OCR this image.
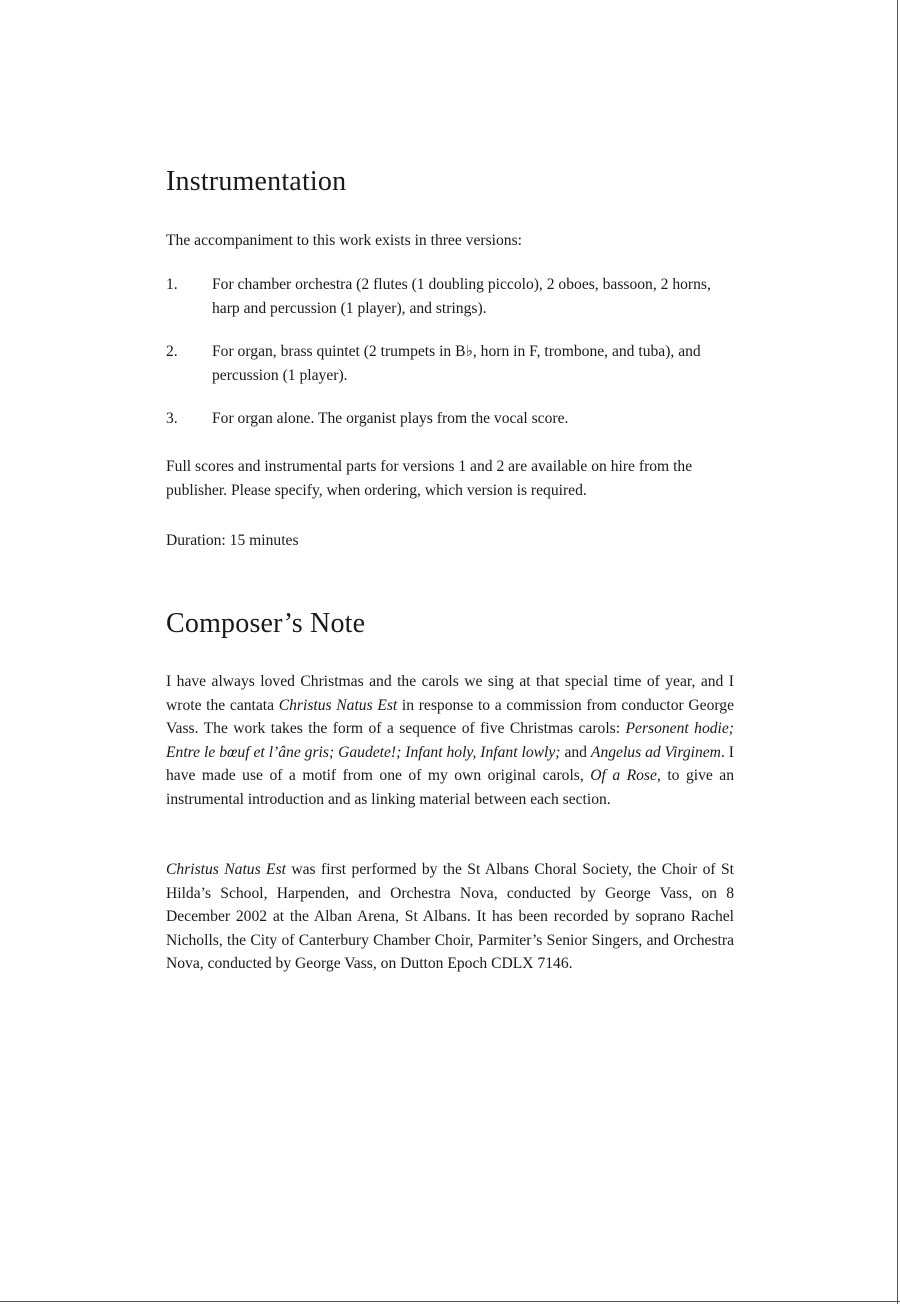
Instrumentation

The accompaniment to this work exists in three versions:

1.	For chamber orchestra (2 flutes (1 doubling piccolo), 2 oboes, bassoon, 2 horns, harp and percussion (1 player), and strings).
2.	For organ, brass quintet (2 trumpets in B♭, horn in F, trombone, and tuba), and percussion (1 player).
3.	For organ alone. The organist plays from the vocal score.

Full scores and instrumental parts for versions 1 and 2 are available on hire from the publisher. Please specify, when ordering, which version is required.

Duration: 15 minutes

Composer’s Note

I have always loved Christmas and the carols we sing at that special time of year, and I wrote the cantata Christus Natus Est in response to a commission from conductor George Vass. The work takes the form of a sequence of five Christmas carols: Personent hodie; Entre le bœuf et l’âne gris; Gaudete!; Infant holy, Infant lowly; and Angelus ad Virginem. I have made use of a motif from one of my own original carols, Of a Rose, to give an instrumental introduction and as linking material between each section.

Christus Natus Est was first performed by the St Albans Choral Society, the Choir of St Hilda’s School, Harpenden, and Orchestra Nova, conducted by George Vass, on 8 December 2002 at the Alban Arena, St Albans. It has been recorded by soprano Rachel Nicholls, the City of Canterbury Chamber Choir, Parmiter’s Senior Singers, and Orchestra Nova, conducted by George Vass, on Dutton Epoch CDLX 7146.
